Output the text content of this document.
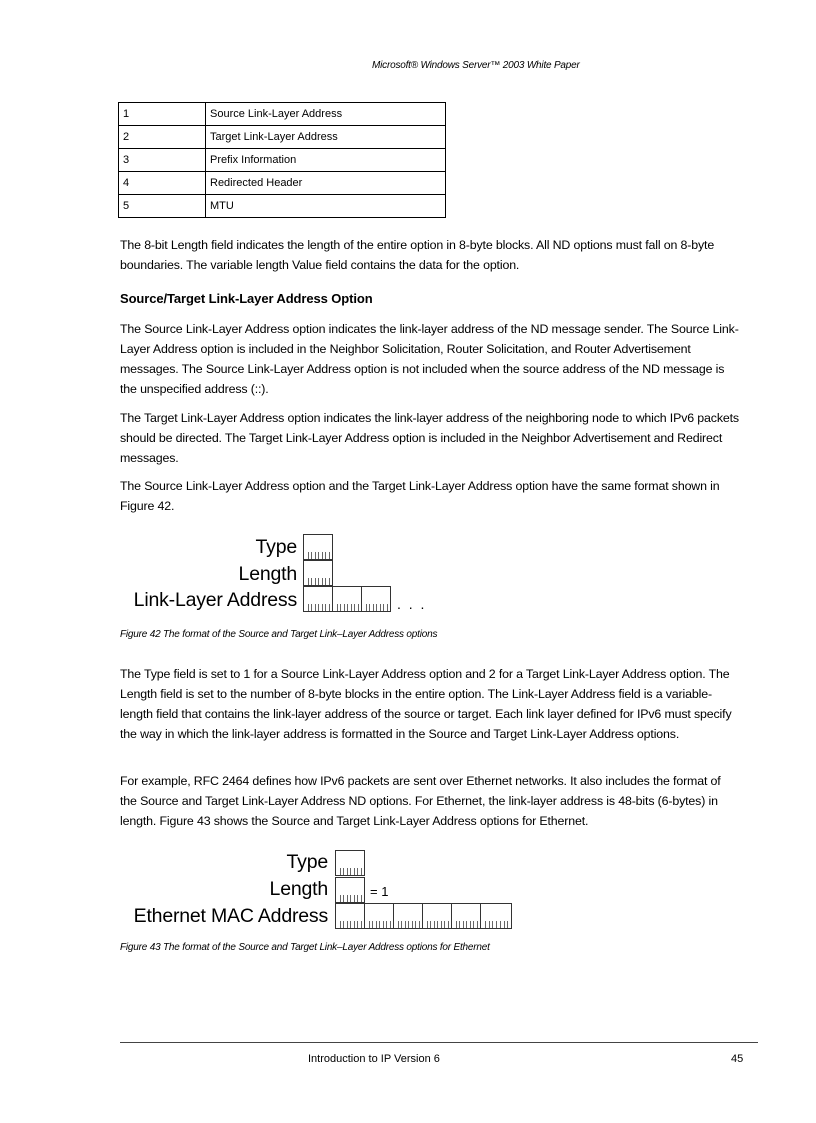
Microsoft® Windows Server™ 2003 White Paper
1	Source Link-Layer Address
2	Target Link-Layer Address
3	Prefix Information
4	Redirected Header
5	MTU
The 8-bit Length field indicates the length of the entire option in 8-byte blocks. All ND options must fall on 8-byte boundaries. The variable length Value field contains the data for the option.
Source/Target Link-Layer Address Option
The Source Link-Layer Address option indicates the link-layer address of the ND message sender. The Source Link-Layer Address option is included in the Neighbor Solicitation, Router Solicitation, and Router Advertisement messages. The Source Link-Layer Address option is not included when the source address of the ND message is the unspecified address (::).
The Target Link-Layer Address option indicates the link-layer address of the neighboring node to which IPv6 packets should be directed. The Target Link-Layer Address option is included in the Neighbor Advertisement and Redirect messages.
The Source Link-Layer Address option and the Target Link-Layer Address option have the same format shown in Figure 42.
Type
Length
Link-Layer Address	. . .
Figure 42 The format of the Source and Target Link–Layer Address options
The Type field is set to 1 for a Source Link-Layer Address option and 2 for a Target Link-Layer Address option. The Length field is set to the number of 8-byte blocks in the entire option. The Link-Layer Address field is a variable-length field that contains the link-layer address of the source or target. Each link layer defined for IPv6 must specify the way in which the link-layer address is formatted in the Source and Target Link-Layer Address options.
For example, RFC 2464 defines how IPv6 packets are sent over Ethernet networks. It also includes the format of the Source and Target Link-Layer Address ND options. For Ethernet, the link-layer address is 48-bits (6-bytes) in length. Figure 43 shows the Source and Target Link-Layer Address options for Ethernet.
Type
Length
Ethernet MAC Address
= 1
Figure 43 The format of the Source and Target Link–Layer Address options for Ethernet
Introduction to IP Version 6	45
